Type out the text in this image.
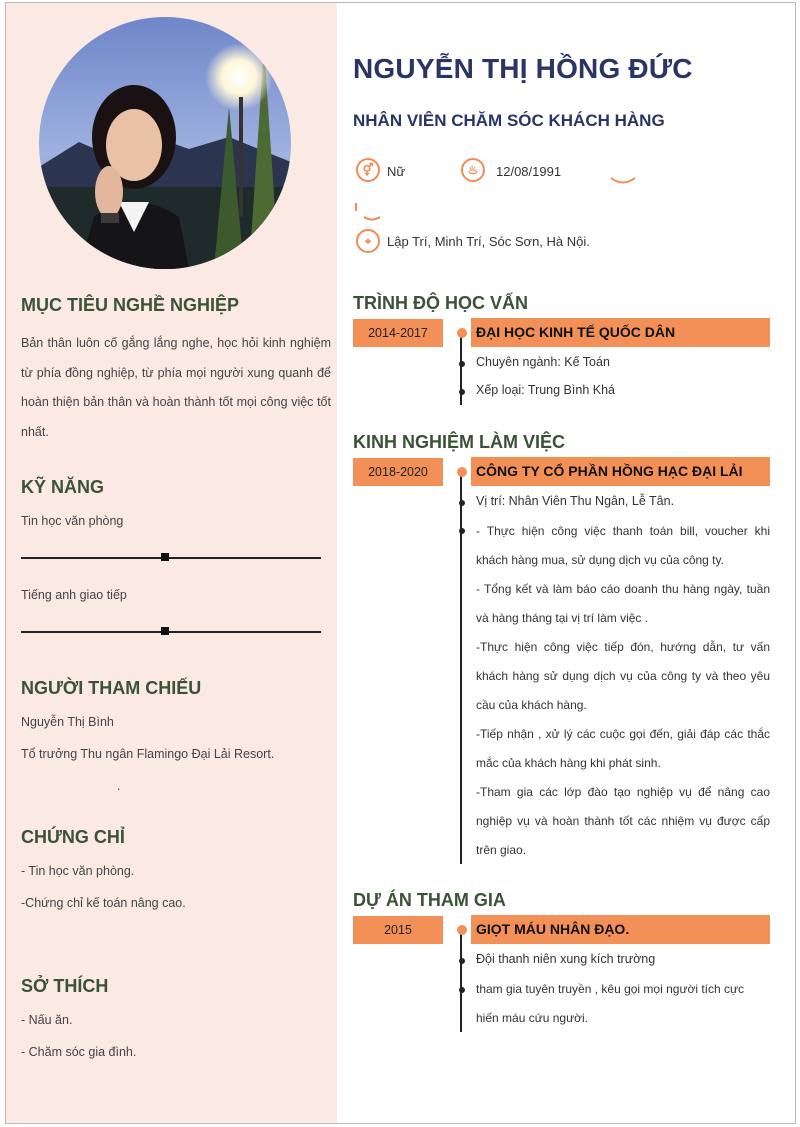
MỤC TIÊU NGHỀ NGHIỆP
Bản thân luôn cố gắng lắng nghe, học hỏi kinh nghiệm từ phía đồng nghiệp, từ phía mọi người xung quanh để hoàn thiện bản thân và hoàn thành tốt mọi công việc tốt nhất.
KỸ NĂNG
Tin học văn phòng
Tiếng anh giao tiếp
NGƯỜI THAM CHIẾU
Nguyễn Thị Bình
Tổ trưởng Thu ngân Flamingo Đại Lải Resort.
.
CHỨNG CHỈ
- Tin học văn phòng.
-Chứng chỉ kế toán nâng cao.
SỞ THÍCH
- Nấu ăn.
- Chăm sóc gia đình.
NGUYỄN THỊ HỒNG ĐỨC
NHÂN VIÊN CHĂM SÓC KHÁCH HÀNG
⚥	Nữ	♨	12/08/1991
⌖	Lập Trí, Minh Trí, Sóc Sơn, Hà Nội.
TRÌNH ĐỘ HỌC VẤN
2014-2017	ĐẠI HỌC KINH TẾ QUỐC DÂN
Chuyên ngành: Kế Toán
Xếp loại: Trung Bình Khá
KINH NGHIỆM LÀM VIỆC
2018-2020	CÔNG TY CỔ PHẦN HỒNG HẠC ĐẠI LẢI
Vị trí: Nhân Viên Thu Ngân, Lễ Tân.

- Thực hiện công việc thanh toán bill, voucher khi khách hàng mua, sử dụng dịch vụ của công ty.

- Tổng kết và làm báo cáo doanh thu hàng ngày, tuần và hàng tháng tại vị trí làm việc .

-Thực hiện công việc tiếp đón, hướng dẫn, tư vấn khách hàng sử dụng dịch vụ của công ty và theo yêu cầu của khách hàng.

-Tiếp nhận , xử lý các cuộc gọi đến, giải đáp các thắc mắc của khách hàng khi phát sinh.

-Tham gia các lớp đào tạo nghiệp vụ để nâng cao nghiệp vụ và hoàn thành tốt các nhiệm vụ được cấp trên giao.

DỰ ÁN THAM GIA
2015	GIỌT MÁU NHÂN ĐẠO.
Đội thanh niên xung kích trường
tham gia tuyên truyền , kêu gọi mọi người tích cực hiến máu cứu người.
